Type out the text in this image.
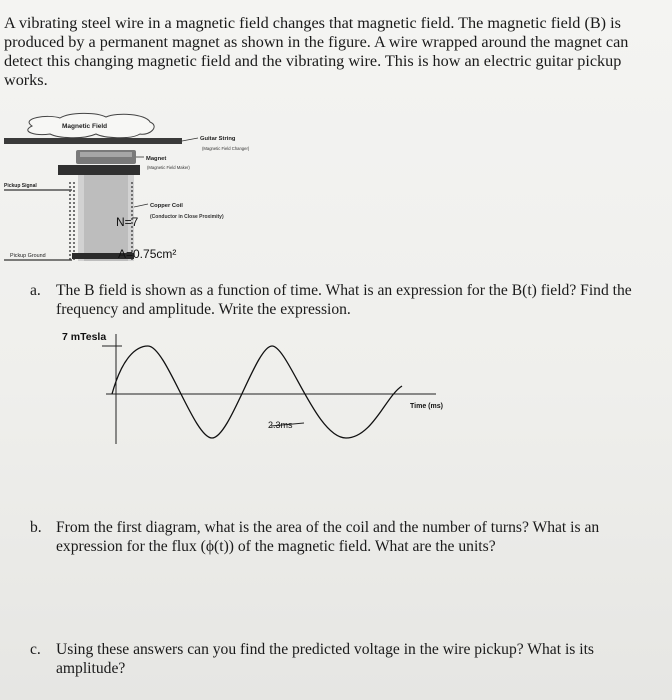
A vibrating steel wire in a magnetic field changes that magnetic field. The magnetic field (B) is produced by a permanent magnet as shown in the figure. A wire wrapped around the magnet can detect this changing magnetic field and the vibrating wire. This is how an electric guitar pickup works.

Magnetic Field
Guitar String
(Magnetic Field Changer)
Magnet
(Magnetic Field Maker)
Pickup Signal
Copper Coil
(Conductor in Close Proximity)
N=7
A=0.75cm²
Pickup Ground
a. The B field is shown as a function of time. What is an expression for the B(t) field? Find the frequency and amplitude. Write the expression.
7 mTesla
2.3ms
Time (ms)
b. From the first diagram, what is the area of the coil and the number of turns? What is an expression for the flux (ϕ(t)) of the magnetic field. What are the units?
c. Using these answers can you find the predicted voltage in the wire pickup? What is its amplitude?
